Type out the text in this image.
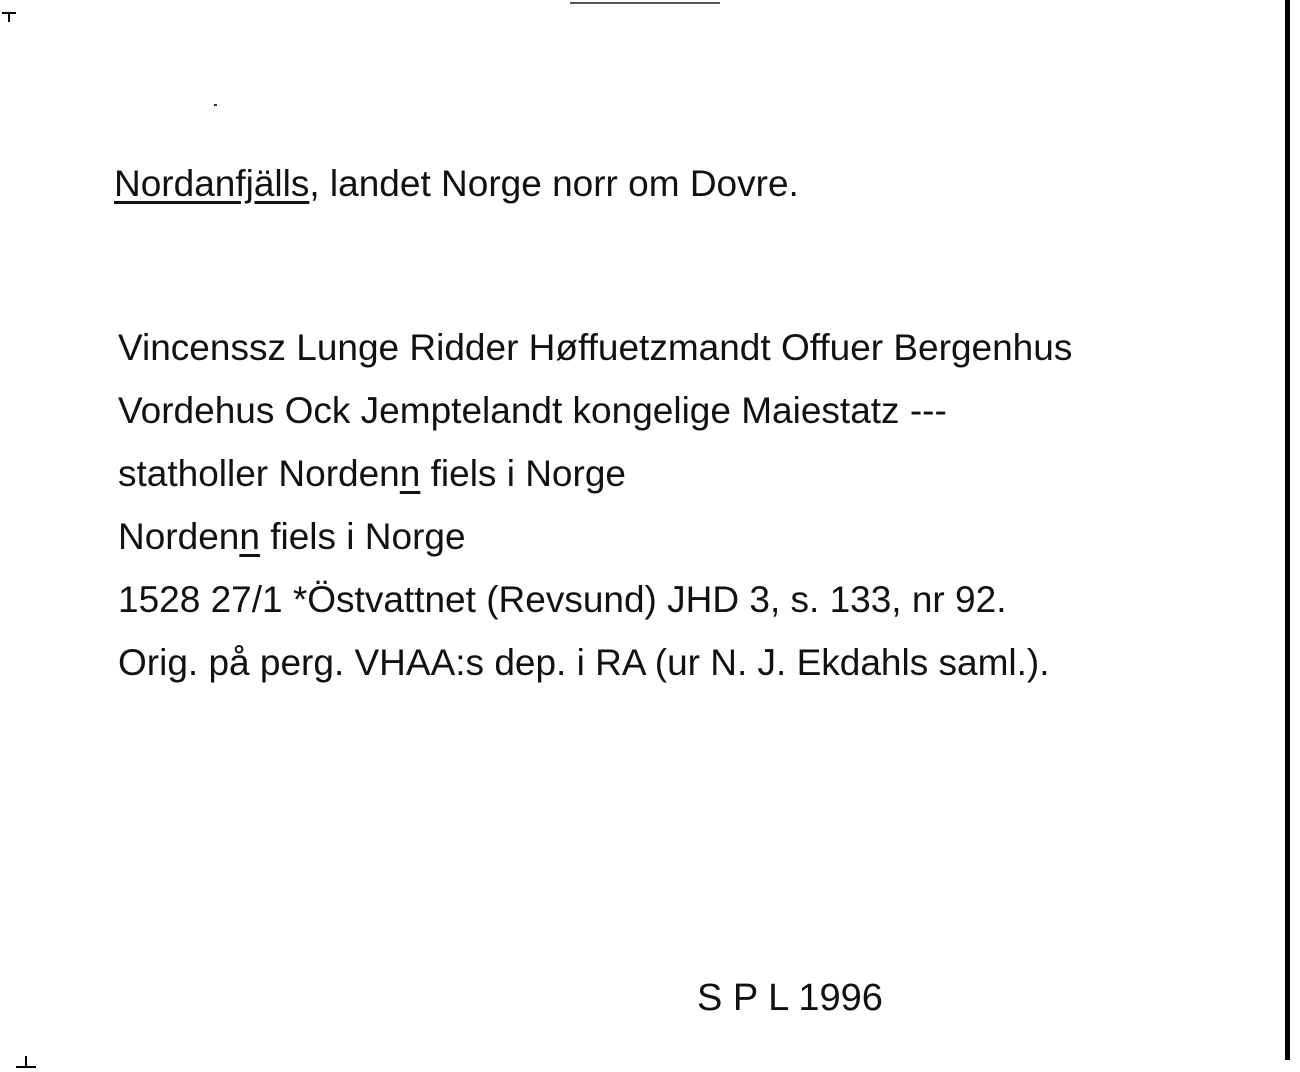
Nordanfjälls, landet Norge norr om Dovre.
Vincenssz Lunge Ridder Høffuetzmandt Offuer Bergenhus
Vordehus Ock Jemptelandt kongelige Maiestatz ---
statholler Nordenn fiels i Norge
Nordenn fiels i Norge
1528 27/1 *Östvattnet (Revsund) JHD 3, s. 133, nr 92.
Orig. på perg. VHAA:s dep. i RA (ur N. J. Ekdahls saml.).
S P L 1996
